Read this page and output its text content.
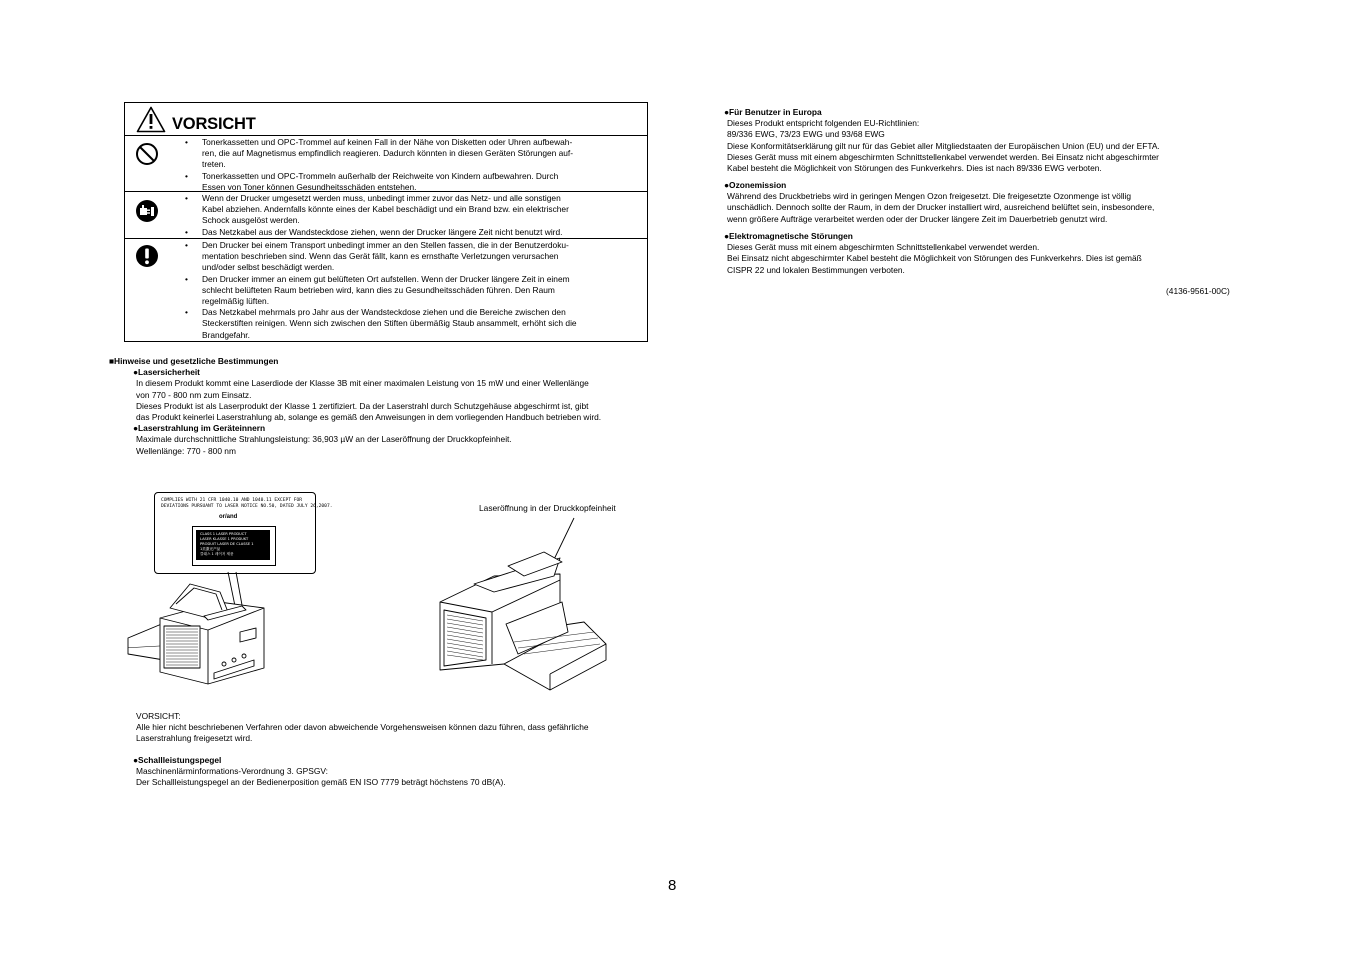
VORSICHT
• Tonerkassetten und OPC-Trommel auf keinen Fall in der Nähe von Disketten oder Uhren aufbewah-
ren, die auf Magnetismus empfindlich reagieren. Dadurch könnten in diesen Geräten Störungen auf-
treten.
• Tonerkassetten und OPC-Trommeln außerhalb der Reichweite von Kindern aufbewahren. Durch
Essen von Toner können Gesundheitsschäden entstehen.
• Wenn der Drucker umgesetzt werden muss, unbedingt immer zuvor das Netz- und alle sonstigen
Kabel abziehen. Andernfalls könnte eines der Kabel beschädigt und ein Brand bzw. ein elektrischer
Schock ausgelöst werden.
• Das Netzkabel aus der Wandsteckdose ziehen, wenn der Drucker längere Zeit nicht benutzt wird.
• Den Drucker bei einem Transport unbedingt immer an den Stellen fassen, die in der Benutzerdoku-
mentation beschrieben sind. Wenn das Gerät fällt, kann es ernsthafte Verletzungen verursachen
und/oder selbst beschädigt werden.
• Den Drucker immer an einem gut belüfteten Ort aufstellen. Wenn der Drucker längere Zeit in einem
schlecht belüfteten Raum betrieben wird, kann dies zu Gesundheitsschäden führen. Den Raum
regelmäßig lüften.
• Das Netzkabel mehrmals pro Jahr aus der Wandsteckdose ziehen und die Bereiche zwischen den
Steckerstiften reinigen. Wenn sich zwischen den Stiften übermäßig Staub ansammelt, erhöht sich die
Brandgefahr.

■Hinweise und gesetzliche Bestimmungen

●Lasersicherheit

In diesem Produkt kommt eine Laserdiode der Klasse 3B mit einer maximalen Leistung von 15 mW und einer Wellenlänge

von 770 - 800 nm zum Einsatz.

Dieses Produkt ist als Laserprodukt der Klasse 1 zertifiziert. Da der Laserstrahl durch Schutzgehäuse abgeschirmt ist, gibt

das Produkt keinerlei Laserstrahlung ab, solange es gemäß den Anweisungen in dem vorliegenden Handbuch betrieben wird.

●Laserstrahlung im Geräteinnern

Maximale durchschnittliche Strahlungsleistung: 36,903 µW an der Laseröffnung der Druckkopfeinheit.

Wellenlänge: 770 - 800 nm

COMPLIES WITH 21 CFR 1040.10 AND 1040.11 EXCEPT FOR
DEVIATIONS PURSUANT TO LASER NOTICE NO.50, DATED JULY 26,2007.
or/and
CLASS 1 LASER PRODUCT
LASER KLASSE 1 PRODUKT
PRODUIT LASER DE CLASSE 1
1类激光产品
클래스 1 레이저 제품
Laseröffnung in der Druckkopfeinheit

VORSICHT:

Alle hier nicht beschriebenen Verfahren oder davon abweichende Vorgehensweisen können dazu führen, dass gefährliche

Laserstrahlung freigesetzt wird.

●Schallleistungspegel

Maschinenlärminformations-Verordnung 3. GPSGV:

Der Schallleistungspegel an der Bedienerposition gemäß EN ISO 7779 beträgt höchstens 70 dB(A).

●Für Benutzer in Europa

Dieses Produkt entspricht folgenden EU-Richtlinien:

89/336 EWG, 73/23 EWG und 93/68 EWG

Diese Konformitätserklärung gilt nur für das Gebiet aller Mitgliedstaaten der Europäischen Union (EU) und der EFTA.

Dieses Gerät muss mit einem abgeschirmten Schnittstellenkabel verwendet werden. Bei Einsatz nicht abgeschirmter

Kabel besteht die Möglichkeit von Störungen des Funkverkehrs. Dies ist nach 89/336 EWG verboten.

●Ozonemission

Während des Druckbetriebs wird in geringen Mengen Ozon freigesetzt. Die freigesetzte Ozonmenge ist völlig

unschädlich. Dennoch sollte der Raum, in dem der Drucker installiert wird, ausreichend belüftet sein, insbesondere,

wenn größere Aufträge verarbeitet werden oder der Drucker längere Zeit im Dauerbetrieb genutzt wird.

●Elektromagnetische Störungen

Dieses Gerät muss mit einem abgeschirmten Schnittstellenkabel verwendet werden.

Bei Einsatz nicht abgeschirmter Kabel besteht die Möglichkeit von Störungen des Funkverkehrs. Dies ist gemäß

CISPR 22 und lokalen Bestimmungen verboten.

(4136-9561-00C)
8
